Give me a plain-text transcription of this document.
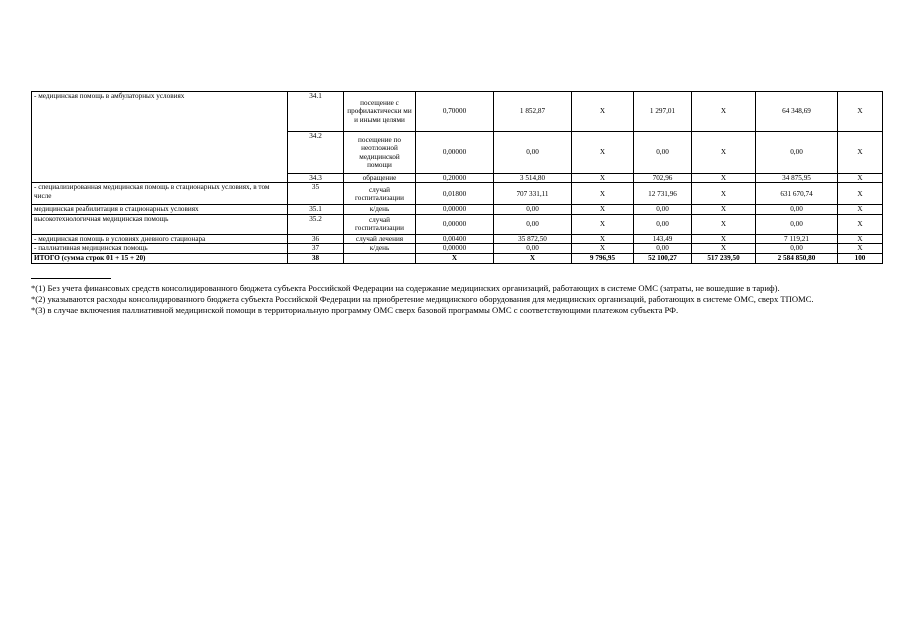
- медицинская помощь в амбулаторных условиях	34.1	посещение с профилактически ми и иными целями	0,70000	1 852,87	X	1 297,01	X	64 348,69	X
	34.2	посещение по неотложной медицинской помощи	0,00000	0,00	X	0,00	X	0,00	X
	34.3	обращение	0,20000	3 514,80	X	702,96	X	34 875,95	X
- специализированная медицинская помощь в стационарных условиях, в том числе	35	случай госпитализации	0,01800	707 331,11	X	12 731,96	X	631 670,74	X
медицинская реабилитация в стационарных условиях	35.1	к/день	0,00000	0,00	X	0,00	X	0,00	X
высокотехнологичная медицинская помощь	35.2	случай госпитализации	0,00000	0,00	X	0,00	X	0,00	X
- медицинская помощь в условиях дневного стационара	36	случай лечения	0,00400	35 872,50	X	143,49	X	7 119,21	X
- паллиативная медицинская помощь	37	к/день	0,00000	0,00	X	0,00	X	0,00	X
ИТОГО (сумма строк 01 + 15 + 20)	38		X	X	9 796,95	52 100,27	517 239,50	2 584 850,80	100

*(1) Без учета финансовых средств консолидированного бюджета субъекта Российской Федерации на содержание медицинских организаций, работающих в системе ОМС (затраты, не вошедшие в тариф).

*(2) указываются расходы консолидированного бюджета субъекта Российской Федерации на приобретение медицинского оборудования для медицинских организаций, работающих в системе ОМС, сверх ТПОМС.

*(3) в случае включения паллиативной медицинской помощи в территориальную программу ОМС сверх базовой программы ОМС с соответствующими платежом субъекта РФ.
